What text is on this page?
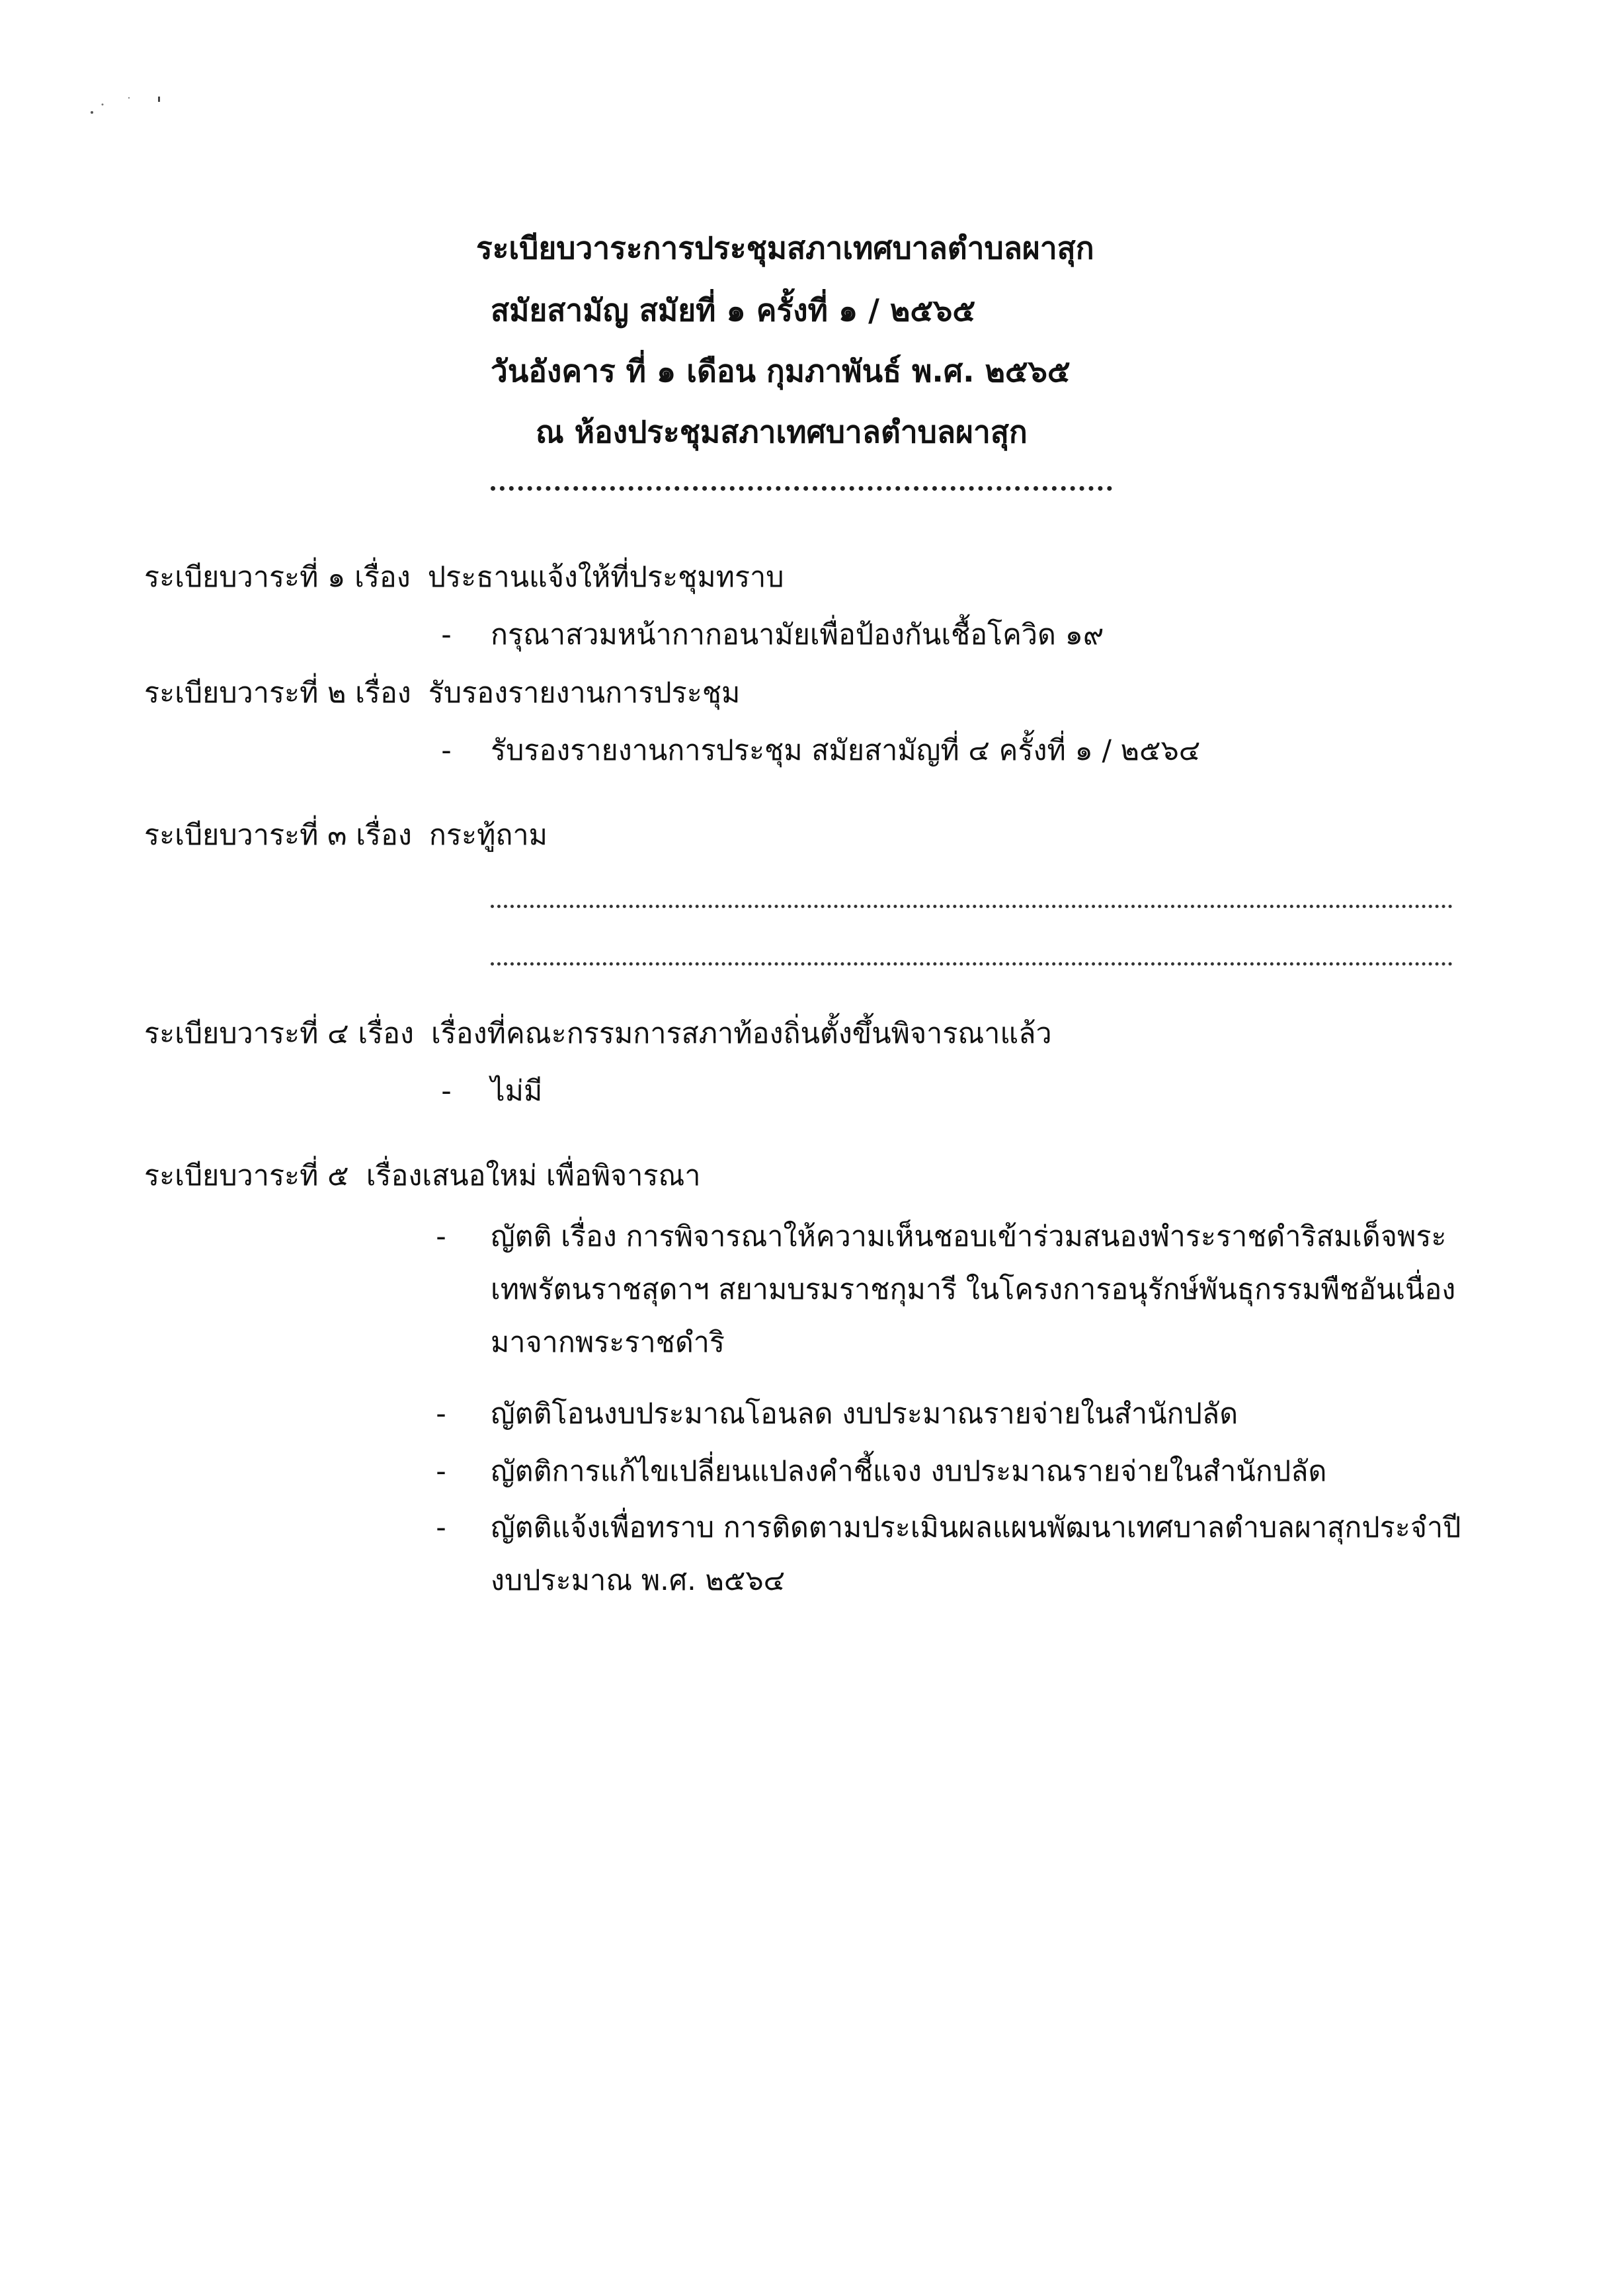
ระเบียบวาระการประชุมสภาเทศบาลตำบลผาสุก
สมัยสามัญ สมัยที่ ๑ ครั้งที่ ๑ / ๒๕๖๕
วันอังคาร ที่ ๑ เดือน กุมภาพันธ์ พ.ศ. ๒๕๖๕
ณ ห้องประชุมสภาเทศบาลตำบลผาสุก
ระเบียบวาระที่ ๑ เรื่อง ประธานแจ้งให้ที่ประชุมทราบ
- กรุณาสวมหน้ากากอนามัยเพื่อป้องกันเชื้อโควิด ๑๙
ระเบียบวาระที่ ๒ เรื่อง รับรองรายงานการประชุม
- รับรองรายงานการประชุม สมัยสามัญที่ ๔ ครั้งที่ ๑ / ๒๕๖๔
ระเบียบวาระที่ ๓ เรื่อง กระทู้ถาม
ระเบียบวาระที่ ๔ เรื่อง เรื่องที่คณะกรรมการสภาท้องถิ่นตั้งขึ้นพิจารณาแล้ว
- ไม่มี
ระเบียบวาระที่ ๕ เรื่องเสนอใหม่ เพื่อพิจารณา
- ญัตติ เรื่อง การพิจารณาให้ความเห็นชอบเข้าร่วมสนองพำระราชดำริสมเด็จพระเทพรัตนราชสุดาฯ สยามบรมราชกุมารี ในโครงการอนุรักษ์พันธุกรรมพืชอันเนื่องมาจากพระราชดำริ
- ญัตติโอนงบประมาณโอนลด งบประมาณรายจ่ายในสำนักปลัด
- ญัตติการแก้ไขเปลี่ยนแปลงคำชี้แจง งบประมาณรายจ่ายในสำนักปลัด
- ญัตติแจ้งเพื่อทราบ การติดตามประเมินผลแผนพัฒนาเทศบาลตำบลผาสุกประจำปี งบประมาณ พ.ศ. ๒๕๖๔
